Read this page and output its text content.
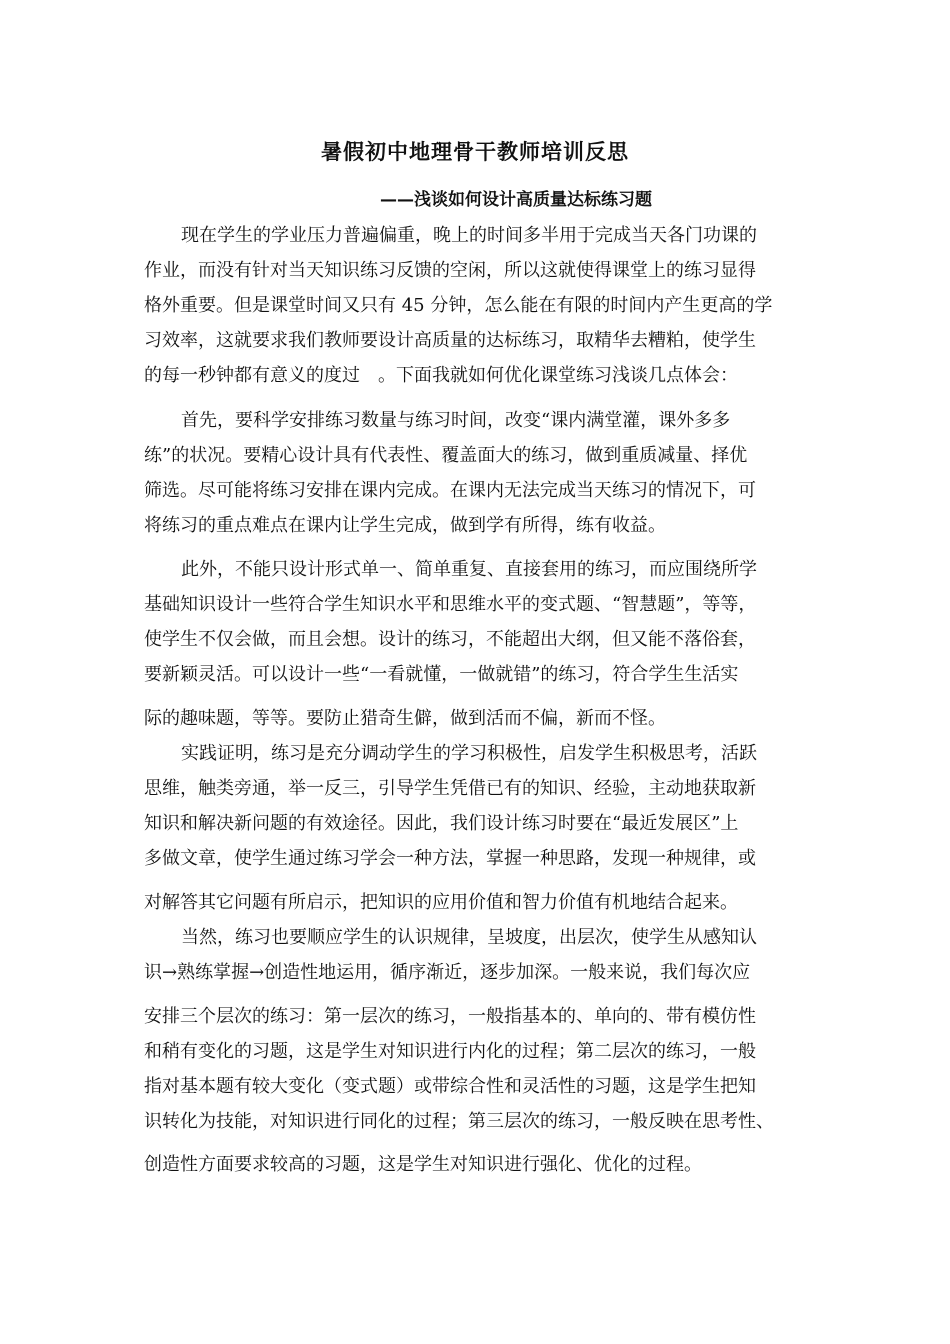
暑假初中地理骨干教师培训反思
——浅谈如何设计高质量达标练习题

现在学生的学业压力普遍偏重，晚上的时间多半用于完成当天各门功课的

作业，而没有针对当天知识练习反馈的空闲，所以这就使得课堂上的练习显得

格外重要。但是课堂时间又只有 45 分钟，怎么能在有限的时间内产生更高的学

习效率，这就要求我们教师要设计高质量的达标练习，取精华去糟粕，使学生

的每一秒钟都有意义的度过　。下面我就如何优化课堂练习浅谈几点体会：

首先，要科学安排练习数量与练习时间，改变“课内满堂灌，课外多多

练”的状况。要精心设计具有代表性、覆盖面大的练习，做到重质减量、择优

筛选。尽可能将练习安排在课内完成。在课内无法完成当天练习的情况下，可

将练习的重点难点在课内让学生完成，做到学有所得，练有收益。

此外，不能只设计形式单一、简单重复、直接套用的练习，而应围绕所学

基础知识设计一些符合学生知识水平和思维水平的变式题、“智慧题”，等等，

使学生不仅会做，而且会想。设计的练习，不能超出大纲，但又能不落俗套，

要新颖灵活。可以设计一些“一看就懂，一做就错”的练习，符合学生生活实

际的趣味题，等等。要防止猎奇生僻，做到活而不偏，新而不怪。

实践证明，练习是充分调动学生的学习积极性，启发学生积极思考，活跃

思维，触类旁通，举一反三，引导学生凭借已有的知识、经验，主动地获取新

知识和解决新问题的有效途径。因此，我们设计练习时要在“最近发展区”上

多做文章，使学生通过练习学会一种方法，掌握一种思路，发现一种规律，或

对解答其它问题有所启示，把知识的应用价值和智力价值有机地结合起来。

当然，练习也要顺应学生的认识规律，呈坡度，出层次，使学生从感知认

识→熟练掌握→创造性地运用，循序渐近，逐步加深。一般来说，我们每次应

安排三个层次的练习：第一层次的练习，一般指基本的、单向的、带有模仿性

和稍有变化的习题，这是学生对知识进行内化的过程；第二层次的练习，一般

指对基本题有较大变化（变式题）或带综合性和灵活性的习题，这是学生把知

识转化为技能，对知识进行同化的过程；第三层次的练习，一般反映在思考性、

创造性方面要求较高的习题，这是学生对知识进行强化、优化的过程。
